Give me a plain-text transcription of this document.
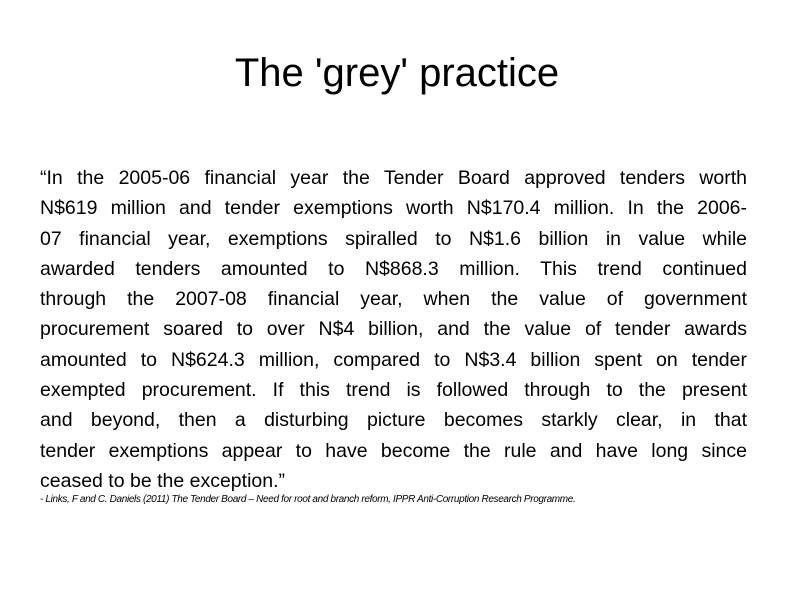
The 'grey' practice
“In the 2005-06 financial year the Tender Board approved tenders worth
N$619 million and tender exemptions worth N$170.4 million. In the 2006-
07 financial year, exemptions spiralled to N$1.6 billion in value while
awarded tenders amounted to N$868.3 million. This trend continued
through the 2007-08 financial year, when the value of government
procurement soared to over N$4 billion, and the value of tender awards
amounted to N$624.3 million, compared to N$3.4 billion spent on tender
exempted procurement. If this trend is followed through to the present
and beyond, then a disturbing picture becomes starkly clear, in that
tender exemptions appear to have become the rule and have long since
ceased to be the exception.”
- Links, F and C. Daniels (2011) The Tender Board – Need for root and branch reform, IPPR Anti-Corruption Research Programme.
